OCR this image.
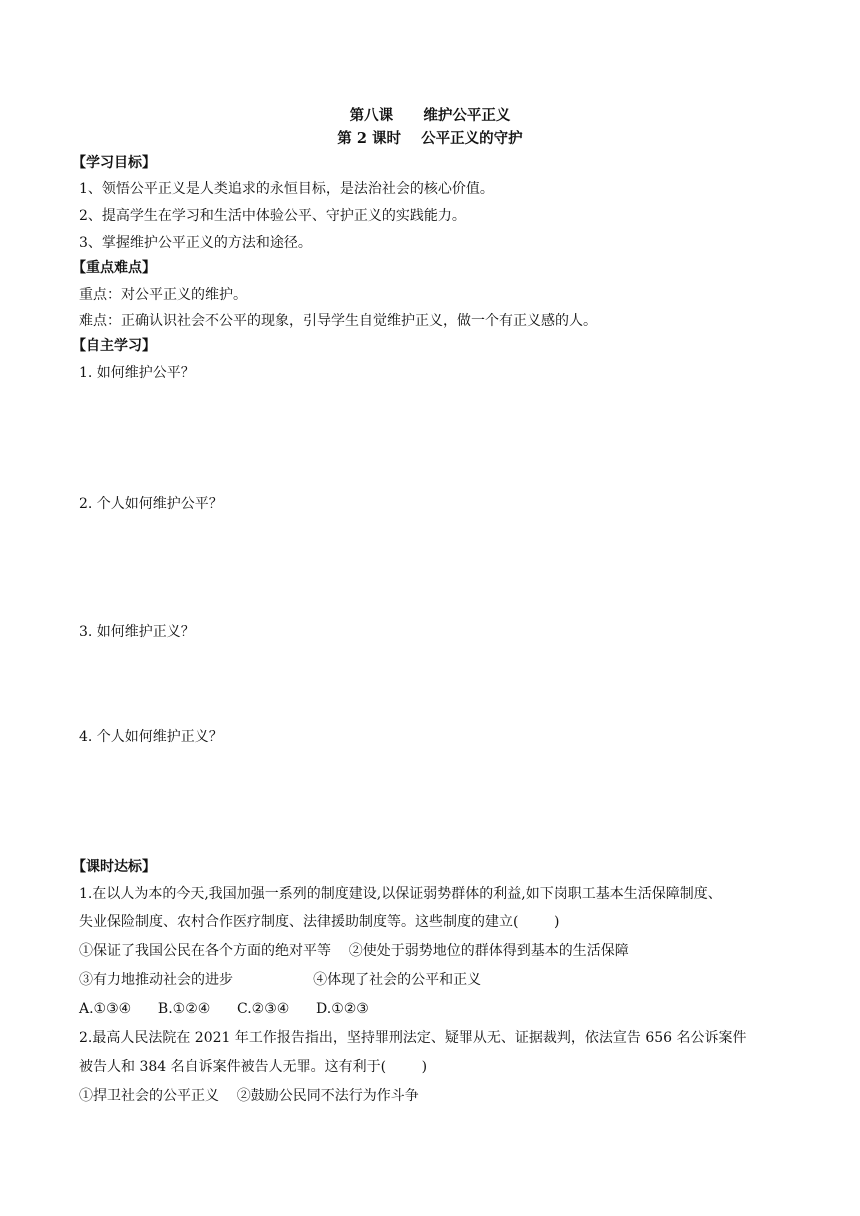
第八课      维护公平正义
第 2 课时    公平正义的守护
【学习目标】
1、领悟公平正义是人类追求的永恒目标，是法治社会的核心价值。
2、提高学生在学习和生活中体验公平、守护正义的实践能力。
3、掌握维护公平正义的方法和途径。
【重点难点】
重点：对公平正义的维护。
难点：正确认识社会不公平的现象，引导学生自觉维护正义，做一个有正义感的人。
【自主学习】
1. 如何维护公平？
2. 个人如何维护公平？
3. 如何维护正义？
4. 个人如何维护正义？
【课时达标】
1.在以人为本的今天,我国加强一系列的制度建设,以保证弱势群体的利益,如下岗职工基本生活保障制度、
失业保险制度、农村合作医疗制度、法律援助制度等。这些制度的建立(        )
①保证了我国公民在各个方面的绝对平等    ②使处于弱势地位的群体得到基本的生活保障
③有力地推动社会的进步                  ④体现了社会的公平和正义
A.①③④      B.①②④      C.②③④      D.①②③
2.最高人民法院在 2021 年工作报告指出，坚持罪刑法定、疑罪从无、证据裁判，依法宣告 656 名公诉案件
被告人和 384 名自诉案件被告人无罪。这有利于(        )
①捍卫社会的公平正义    ②鼓励公民同不法行为作斗争
